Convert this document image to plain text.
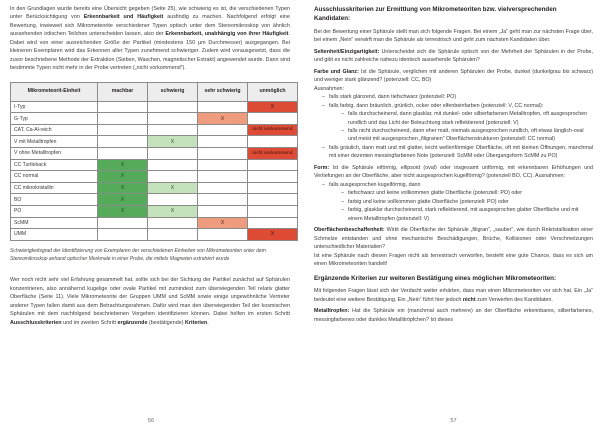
In den Grundlagen wurde bereits eine Übersicht gegeben (Seite 25), wie schwierig es ist, die verschiedenen Typen unter Berücksichtigung von Erkennbarkeit und Häufigkeit ausfindig zu machen. Nachfolgend erfolgt eine Bewertung, inwieweit sich Mikrometeorite verschiedener Typen optisch unter dem Stereomikroskop von ähnlich aussehenden irdischen Teilchen unterscheiden lassen, also der Erkennbarkeit, unabhängig von ihrer Häufigkeit. Dabei wird von einer ausreichenden Größe der Partikel (mindestens 150 µm Durchmesser) ausgegangen. Bei kleineren Exemplaren wird das Erkennen aller Typen zunehmend schwieriger. Zudem wird vorausgesetzt, dass die zuvor beschriebene Methode der Extraktion (Sieben, Waschen, magnetischer Extrakt) angewendet wurde. Dann sind bestimmte Typen nicht mehr in der Probe vertreten („nicht vorkommend“).

Mikrometeorit-Einheit	machbar	schwierig	sehr schwierig	unmöglich
I-Typ				X
G-Typ			X	
CAT, Ca-Al-reich				nicht vorkommend
V mit Metalltropfen		X		
V ohne Metalltropfen				nicht vorkommend
CC Turtleback	X			
CC normal	X			
CC mikrokristallin	X	X		
BO	X			
PO	X	X		
ScMM			X	
UMM				X

Schwierigkeitsgrad der Identifizierung von Exemplaren der verschiedenen Einheiten von Mikrometeoriten unter dem Stereomikroskop anhand optischer Merkmale in einer Probe, die mittels Magneten extrahiert wurde

Wer noch nicht sehr viel Erfahrung gesammelt hat, sollte sich bei der Sichtung der Partikel zunächst auf Sphärulen konzentrieren, also annähernd kugelige oder ovale Partikel mit zumindest zum überwiegenden Teil relativ glatter Oberfläche (Seite 11). Viele Mikrometeorite der Gruppen UMM und ScMM sowie einige ungewöhnliche Vertreter anderer Typen fallen damit aus dem Betrachtungsrahmen. Dafür wird man den überwiegenden Teil der kosmischen Sphärulen mit dem nachfolgend beschriebenen Vorgehen identifizieren können. Dabei helfen im ersten Schritt Ausschlusskriterien und im zweiten Schritt ergänzende (bestätigende) Kriterien.

56
Ausschlusskriterien zur Ermittlung von Mikrometeoriten bzw. vielversprechenden Kandidaten:

Bei der Bewertung einer Sphärule stellt man sich folgende Fragen. Bei einem „Ja“ geht man zur nächsten Frage über, bei einem „Nein“ verwirft man die Sphärule als terrestrisch und geht zum nächsten Kandidaten über.

Seltenheit/Einzigartigkeit: Unterscheidet sich die Sphärule optisch von der Mehrheit der Sphärulen in der Probe, und gibt es nicht zahlreiche nahezu identisch aussehende Sphärulen?

Farbe und Glanz: Ist die Sphärule, verglichen mit anderen Sphärulen der Probe, dunkel (dunkelgrau bis schwarz) und weniger stark glänzend? (potenziell: CC, BO)

Ausnahmen:

– falls stark glänzend, dann tiefschwarz (potenziell: PO)
– falls farbig, dann bräunlich, grünlich, ocker oder elfenbeinfarben (potenziell: V, CC normal):
– falls durchscheinend, dann glasklar, mit dunkel- oder silberfarbenen Metalltropfen, oft ausgesprochen rundlich und das Licht der Beleuchtung stark reflektierend (potenziell: V)
– falls nicht durchscheinend, dann eher matt, niemals ausgesprochen rundlich, oft etwas länglich-oval und meist mit ausgesprochen „filigranen“ Oberflächenstrukturen (potenziell: CC normal)
– falls gräulich, dann matt und mit glatter, leicht wellenförmiger Oberfläche, oft mit kleinen Öffnungen, manchmal mit einer dezenten messingfarbenen Note (potenziell: ScMM oder Übergangsform ScMM zu PO)

Form: Ist die Sphärule eiförmig, ellipsoid (oval) oder insgesamt unförmig, mit erkennbaren Erhöhungen und Vertiefungen an der Oberfläche, aber nicht ausgesprochen kugelförmig? (potenziell BO, CC). Ausnahmen:

– falls ausgesprochen kugelförmig, dann
– tiefschwarz und keine vollkommen glatte Oberfläche (potenziell: PO) oder
– farbig und keine vollkommen glatte Oberfläche (potenziell: PO) oder
– farbig, glasklar durchscheinend, stark reflektierend, mit ausgesprochen glatter Oberfläche und mit einem Metalltropfen (potenziell: V)

Oberflächenbeschaffenheit: Wirkt die Oberfläche der Sphärule „filigran“, „sauber“, wie durch Rekristallisation einer Schmelze entstanden und ohne mechanische Beschädigungen, Brüche, Kollisionen oder Verschmelzungen unterschiedlicher Materialien?

Ist eine Sphärule nach diesen Fragen nicht als terrestrisch verworfen, besteht eine gute Chance, dass es sich um einen Mikrometeoriten handelt!

Ergänzende Kriterien zur weiteren Bestätigung eines möglichen Mikrometeoriten:

Mit folgenden Fragen lässt sich der Verdacht weiter erhärten, dass man einen Mikrometeoriten vor sich hat. Ein „Ja“ bedeutet eine weitere Bestätigung. Ein „Nein“ führt hier jedoch nicht zum Verwerfen des Kandidaten.

Metalltropfen: Hat die Sphärule ein (manchmal auch mehrere) an der Oberfläche erkennbares, silberfarbenes, messingfarbenes oder dunkles Metallitröpfchen? Ist dieses

57
